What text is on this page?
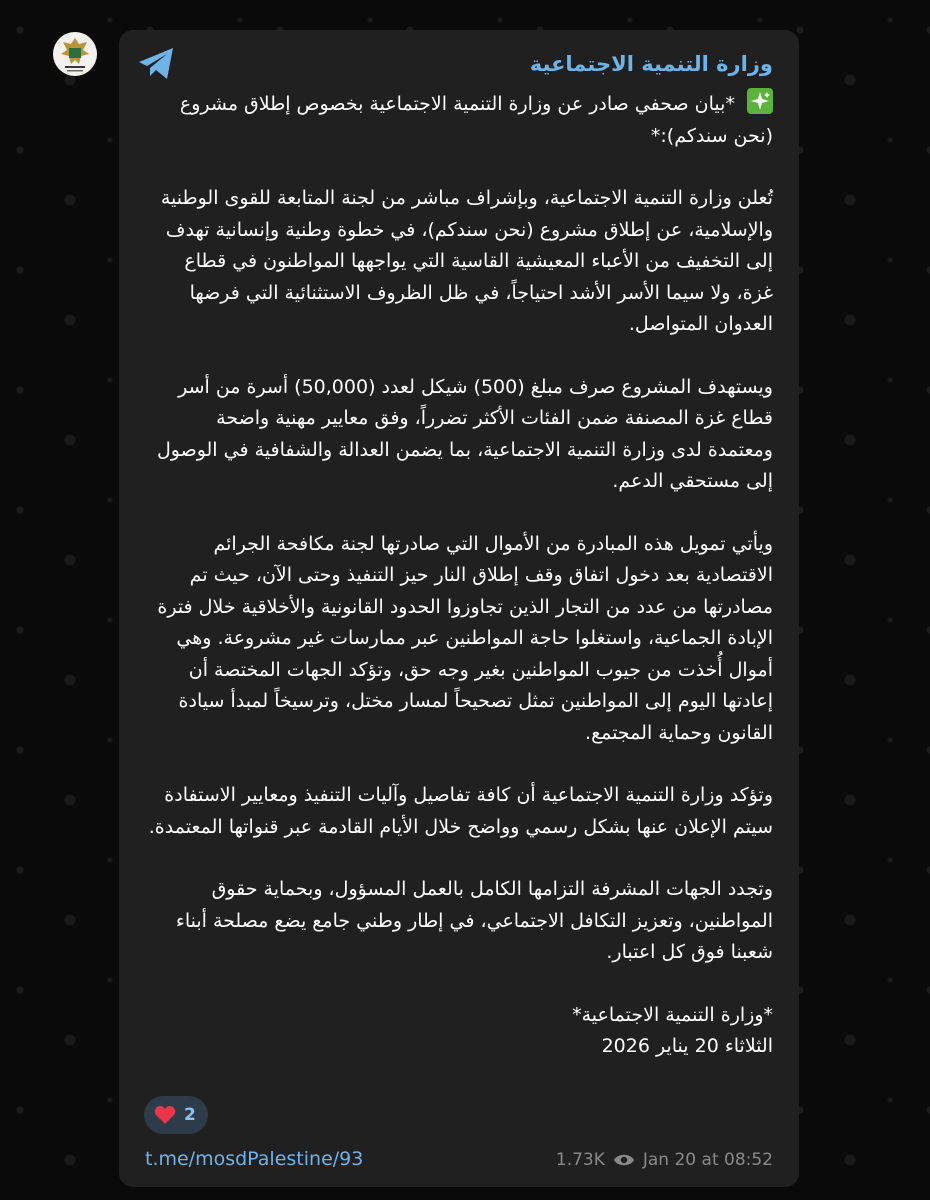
وزارة التنمية الاجتماعية

*بيان صحفي صادر عن وزارة التنمية الاجتماعية بخصوص إطلاق مشروع (نحن سندكم):*

تُعلن وزارة التنمية الاجتماعية، وبإشراف مباشر من لجنة المتابعة للقوى الوطنية والإسلامية، عن إطلاق مشروع (نحن سندكم)، في خطوة وطنية وإنسانية تهدف إلى التخفيف من الأعباء المعيشية القاسية التي يواجهها المواطنون في قطاع غزة، ولا سيما الأسر الأشد احتياجاً، في ظل الظروف الاستثنائية التي فرضها العدوان المتواصل.

ويستهدف المشروع صرف مبلغ (500) شيكل لعدد (50,000) أسرة من أسر قطاع غزة المصنفة ضمن الفئات الأكثر تضرراً، وفق معايير مهنية واضحة ومعتمدة لدى وزارة التنمية الاجتماعية، بما يضمن العدالة والشفافية في الوصول إلى مستحقي الدعم.

ويأتي تمويل هذه المبادرة من الأموال التي صادرتها لجنة مكافحة الجرائم الاقتصادية بعد دخول اتفاق وقف إطلاق النار حيز التنفيذ وحتى الآن، حيث تم مصادرتها من عدد من التجار الذين تجاوزوا الحدود القانونية والأخلاقية خلال فترة الإبادة الجماعية، واستغلوا حاجة المواطنين عبر ممارسات غير مشروعة. وهي أموال أُخذت من جيوب المواطنين بغير وجه حق، وتؤكد الجهات المختصة أن إعادتها اليوم إلى المواطنين تمثل تصحيحاً لمسار مختل، وترسيخاً لمبدأ سيادة القانون وحماية المجتمع.

وتؤكد وزارة التنمية الاجتماعية أن كافة تفاصيل وآليات التنفيذ ومعايير الاستفادة سيتم الإعلان عنها بشكل رسمي وواضح خلال الأيام القادمة عبر قنواتها المعتمدة.

وتجدد الجهات المشرفة التزامها الكامل بالعمل المسؤول، وبحماية حقوق المواطنين، وتعزيز التكافل الاجتماعي، في إطار وطني جامع يضع مصلحة أبناء شعبنا فوق كل اعتبار.

*وزارة التنمية الاجتماعية*
الثلاثاء 20 يناير 2026
2
t.me/mosdPalestine/93	1.73K Jan 20 at 08:52
